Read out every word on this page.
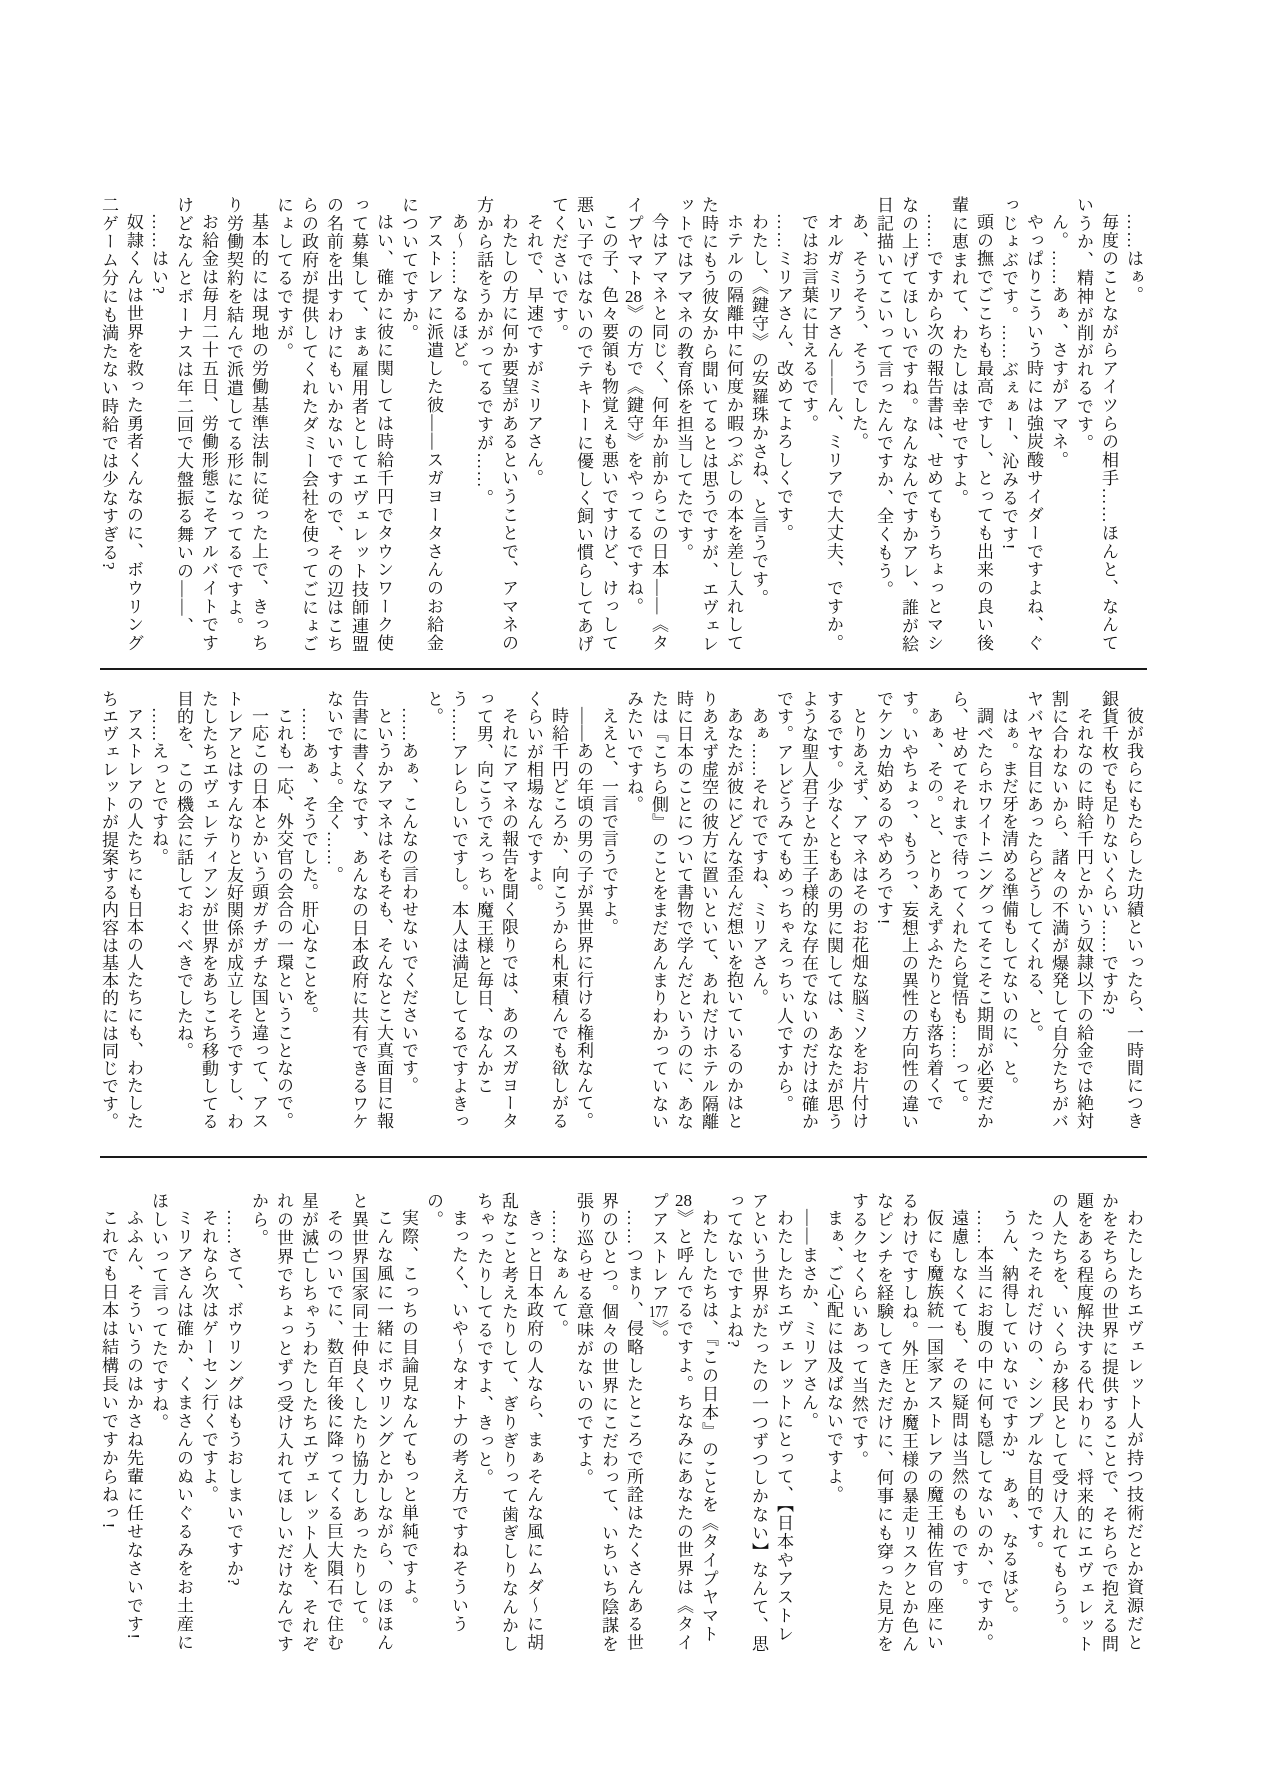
……はぁ。

毎度のことながらアイツらの相手……ほんと、なんていうか、精神が削がれるです。

ん。……あぁ、さすがアマネ。

やっぱりこういう時には強炭酸サイダーですよね、ぐっじょぶです。……ぶぇぁー、沁みるです!

頭の撫でごこちも最高ですし、とっても出来の良い後輩に恵まれて、わたしは幸せですよ。

……ですから次の報告書は、せめてもうちょっとマシなの上げてほしいですね。なんなんですかアレ、誰が絵日記描いてこいって言ったんですか、全くもう。

あ、そうそう、そうでした。

オルガミリアさん——ん、ミリアで大丈夫、ですか。

ではお言葉に甘えるです。

……ミリアさん、改めてよろしくです。

わたし、《鍵守》の安羅珠かさね、と言うです。

ホテルの隔離中に何度か暇つぶしの本を差し入れしてた時にもう彼女から聞いてるとは思うですが、エヴェレットではアマネの教育係を担当してたです。

今はアマネと同じく、何年か前からこの日本——《タイプヤマト28》の方で《鍵守》をやってるですね。

この子、色々要領も物覚えも悪いですけど、けっして悪い子ではないのでテキトーに優しく飼い慣らしてあげてくださいです。

それで、早速ですがミリアさん。

わたしの方に何か要望があるということで、アマネの方から話をうかがってるですが……。

あ〜……なるほど。

アストレアに派遣した彼——スガヨータさんのお給金についてですか。

はい、確かに彼に関しては時給千円でタウンワーク使って募集して、まぁ雇用者としてエヴェレット技師連盟の名前を出すわけにもいかないですので、その辺はこちらの政府が提供してくれたダミー会社を使ってごにょごにょしてるですが。

基本的には現地の労働基準法制に従った上で、きっちり労働契約を結んで派遣してる形になってるですよ。

お給金は毎月二十五日、労働形態こそアルバイトですけどなんとボーナスは年二回で大盤振る舞いの——、

……はい?

奴隷くんは世界を救った勇者くんなのに、ボウリング二ゲーム分にも満たない時給では少なすぎる?

彼が我らにもたらした功績といったら、一時間につき銀貨千枚でも足りないくらい……ですか?

それなのに時給千円とかいう奴隷以下の給金では絶対割に合わないから、諸々の不満が爆発して自分たちがバヤバヤな目にあったらどうしてくれる、と。

はぁ。まだ牙を清める準備もしてないのに、と。

調べたらホワイトニングってそこそこ期間が必要だから、せめてそれまで待ってくれたら覚悟も……って。

あぁ、その。と、とりあえずふたりとも落ち着くです。いやちょっ、もうっ、妄想上の異性の方向性の違いでケンカ始めるのやめろです!

とりあえず、アマネはそのお花畑な脳ミソをお片付けするです。少なくともあの男に関しては、あなたが思うような聖人君子とか王子様的な存在でないのだけは確かです。アレどうみてもめっちゃえっちぃ人ですから。

あぁ……それでですね、ミリアさん。

あなたが彼にどんな歪んだ想いを抱いているのかはとりあえず虚空の彼方に置いといて、あれだけホテル隔離時に日本のことについて書物で学んだというのに、あなたは『こちら側』のことをまだあんまりわかっていないみたいですね。

ええと、一言で言うですよ。

——あの年頃の男の子が異世界に行ける権利なんて。

時給千円どころか、向こうから札束積んでも欲しがるくらいが相場なんですよ。

それにアマネの報告を聞く限りでは、あのスガヨータって男、向こうでえっちぃ魔王様と毎日、なんかこう……アレらしいですし。本人は満足してるですよきっと。

……あぁ、こんなの言わせないでくださいです。

というかアマネはそもそも、そんなとこ大真面目に報告書に書くなです、あんなの日本政府に共有できるワケないですよ。全く……。

……あぁ、そうでした。肝心なことを。

これも一応、外交官の会合の一環ということなので。

一応この日本とかいう頭ガチガチな国と違って、アストレアとはすんなりと友好関係が成立しそうですし、わたしたちエヴェレティアンが世界をあちこち移動してる目的を、この機会に話しておくべきでしたね。

……えっとですね。

アストレアの人たちにも日本の人たちにも、わたしたちエヴェレットが提案する内容は基本的には同じです。

わたしたちエヴェレット人が持つ技術だとか資源だとかをそちらの世界に提供することで、そちらで抱える問題をある程度解決する代わりに、将来的にエヴェレットの人たちを、いくらか移民として受け入れてもらう。

たったそれだけの、シンプルな目的です。

うん、納得していないですか?　あぁ、なるほど。

……本当にお腹の中に何も隠してないのか、ですか。

遠慮しなくても、その疑問は当然のものです。

仮にも魔族統一国家アストレアの魔王補佐官の座にいるわけですしね。外圧とか魔王様の暴走リスクとか色んなピンチを経験してきただけに、何事にも穿った見方をするクセくらいあって当然です。

まぁ、ご心配には及ばないですよ。

——まさか、ミリアさん。

わたしたちエヴェレットにとって、【日本やアストレアという世界がたったの一つずつしかない】なんて、思ってないですよね?

わたしたちは、『この日本』のことを《タイプヤマト28》と呼んでるですよ。ちなみにあなたの世界は《タイプアストレア177》。

……つまり、侵略したところで所詮はたくさんある世界のひとつ。個々の世界にこだわって、いちいち陰謀を張り巡らせる意味がないのですよ。

……なぁんて。

きっと日本政府の人なら、まぁそんな風にムダ〜に胡乱なこと考えたりして、ぎりぎりって歯ぎしりなんかしちゃったりしてるですよ、きっと。

まったく、いや〜なオトナの考え方ですねそういうの。

実際、こっちの目論見なんてもっと単純ですよ。

こんな風に一緒にボウリングとかしながら、のほほんと異世界国家同士仲良くしたり協力しあったりして。

そのついでに、数百年後に降ってくる巨大隕石で住む星が滅亡しちゃうわたしたちエヴェレット人を、それぞれの世界でちょっとずつ受け入れてほしいだけなんですから。

……さて、ボウリングはもうおしまいですか?

それなら次はゲーセン行くですよ。

ミリアさんは確か、くまさんのぬいぐるみをお土産にほしいって言ってたですね。

ふふん、そういうのはかさね先輩に任せなさいです!

これでも日本は結構長いですからねっ!
